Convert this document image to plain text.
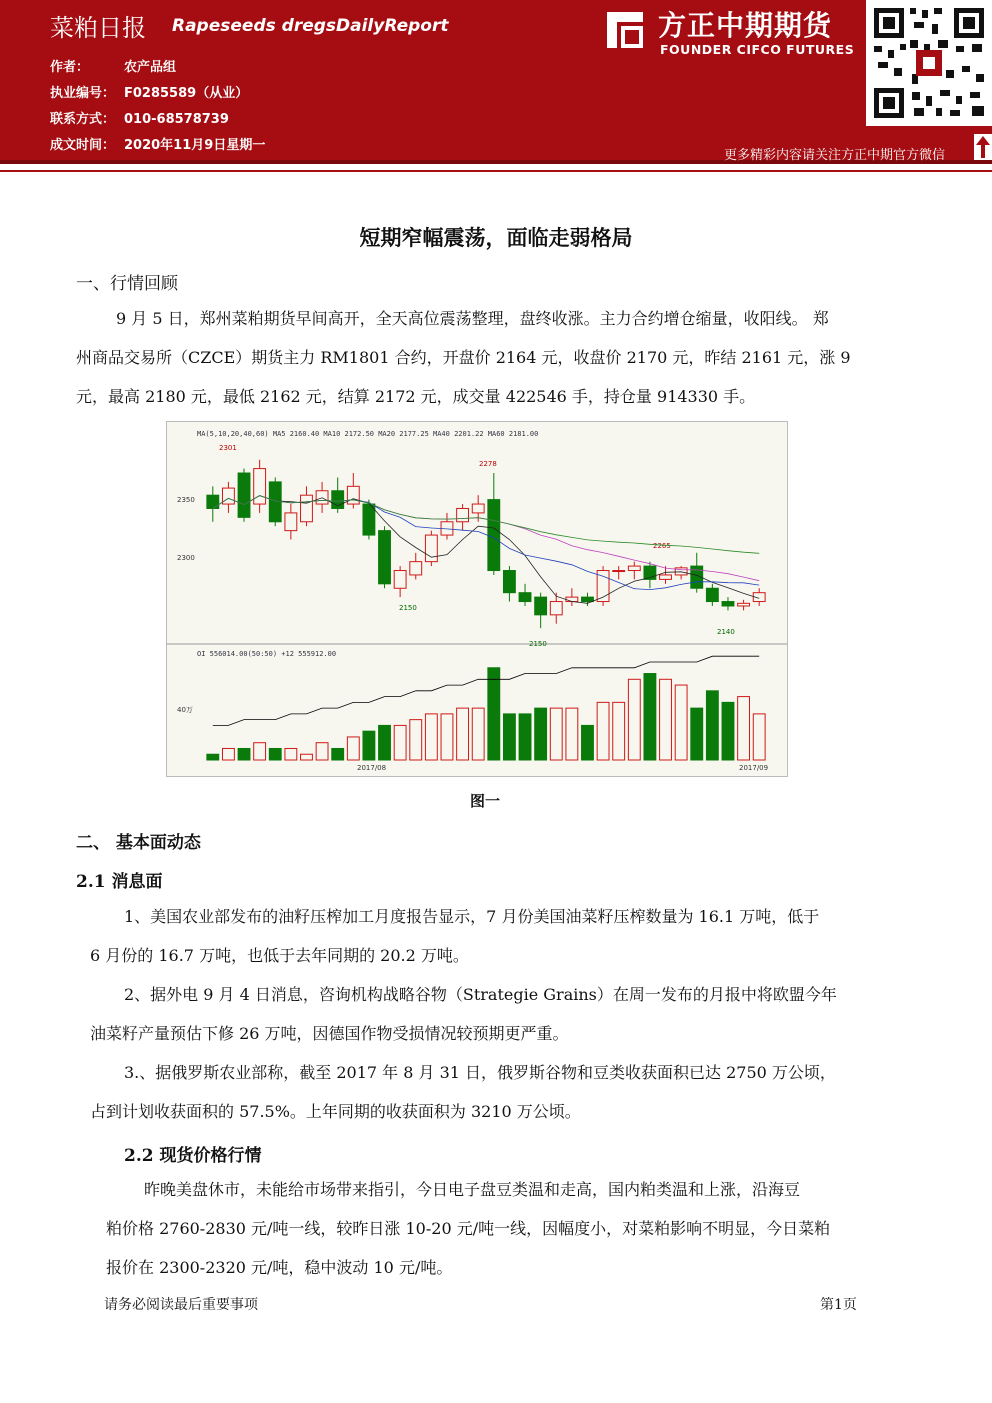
菜粕日报 Rapeseeds dregsDailyReport
作者：	农产品组
执业编号： F0285589（从业）
联系方式： 010-68578739
成文时间： 2020年11月9日星期一
方正中期期货
FOUNDER CIFCO FUTURES
更多精彩内容请关注方正中期官方微信
短期窄幅震荡，面临走弱格局
一、行情回顾
9 月 5 日，郑州菜粕期货早间高开，全天高位震荡整理，盘终收涨。主力合约增仓缩量，收阳线。 郑
州商品交易所（CZCE）期货主力 RM1801 合约，开盘价 2164 元，收盘价 2170 元，昨结 2161 元，涨 9
元，最高 2180 元，最低 2162 元，结算 2172 元，成交量 422546 手，持仓量 914330 手。
MA(5,10,20,40,60) MA5 2160.40 MA10 2172.50 MA20 2177.25 MA40 2201.22 MA60 2181.00
OI 556014.00(50:50) +12 555912.00
2350
2300
40万
2017/08	2017/09
2301
2278
2265
2150
2150
2140
图一
二、 基本面动态
2.1 消息面
1、美国农业部发布的油籽压榨加工月度报告显示，7 月份美国油菜籽压榨数量为 16.1 万吨，低于
6 月份的 16.7 万吨，也低于去年同期的 20.2 万吨。
2、据外电 9 月 4 日消息，咨询机构战略谷物（Strategie Grains）在周一发布的月报中将欧盟今年
油菜籽产量预估下修 26 万吨，因德国作物受损情况较预期更严重。
3.、据俄罗斯农业部称，截至 2017 年 8 月 31 日，俄罗斯谷物和豆类收获面积已达 2750 万公顷，
占到计划收获面积的 57.5%。上年同期的收获面积为 3210 万公顷。
2.2 现货价格行情
昨晚美盘休市，未能给市场带来指引，今日电子盘豆类温和走高，国内粕类温和上涨，沿海豆
粕价格 2760-2830 元/吨一线，较昨日涨 10-20 元/吨一线，因幅度小，对菜粕影响不明显，今日菜粕
报价在 2300-2320 元/吨，稳中波动 10 元/吨。
请务必阅读最后重要事项	第1页
